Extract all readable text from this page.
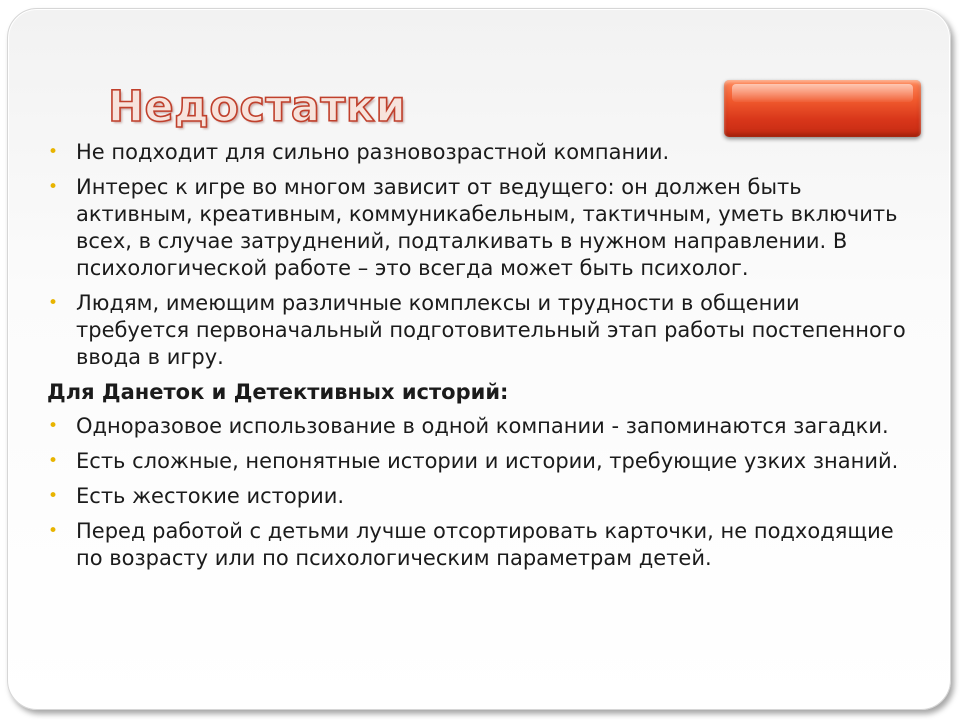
Недостатки
• Не подходит для сильно разновозрастной компании.
• Интерес к игре во многом зависит от ведущего: он должен быть активным, креативным, коммуникабельным, тактичным, уметь включить всех, в случае затруднений, подталкивать в нужном направлении. В психологической работе – это всегда может быть психолог.
• Людям, имеющим различные комплексы и трудности в общении требуется первоначальный подготовительный этап работы постепенного ввода в игру.
Для Данеток и Детективных историй:
• Одноразовое использование в одной компании - запоминаются загадки.
• Есть сложные, непонятные истории и истории, требующие узких знаний.
• Есть жестокие истории.
• Перед работой с детьми лучше отсортировать карточки, не подходящие по возрасту или по психологическим параметрам детей.
